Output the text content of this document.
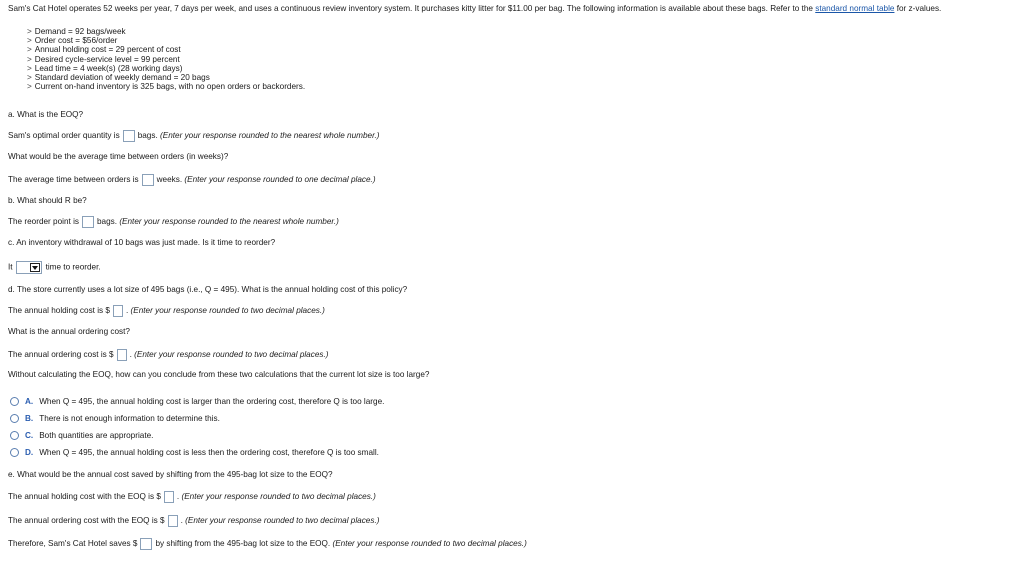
Sam's Cat Hotel operates 52 weeks per year, 7 days per week, and uses a continuous review inventory system. It purchases kitty litter for $11.00 per bag. The following information is available about these bags. Refer to the standard normal table for z-values.
> Demand = 92 bags/week
> Order cost = $56/order
> Annual holding cost = 29 percent of cost
> Desired cycle-service level = 99 percent
> Lead time = 4 week(s) (28 working days)
> Standard deviation of weekly demand = 20 bags
> Current on-hand inventory is 325 bags, with no open orders or backorders.
a. What is the EOQ?
Sam's optimal order quantity is bags. (Enter your response rounded to the nearest whole number.)
What would be the average time between orders (in weeks)?
The average time between orders is weeks. (Enter your response rounded to one decimal place.)
b. What should R be?
The reorder point is bags. (Enter your response rounded to the nearest whole number.)
c. An inventory withdrawal of 10 bags was just made. Is it time to reorder?
It	time to reorder.
d. The store currently uses a lot size of 495 bags (i.e., Q = 495). What is the annual holding cost of this policy?
The annual holding cost is $ . (Enter your response rounded to two decimal places.)
What is the annual ordering cost?
The annual ordering cost is $ . (Enter your response rounded to two decimal places.)
Without calculating the EOQ, how can you conclude from these two calculations that the current lot size is too large?
A. When Q = 495, the annual holding cost is larger than the ordering cost, therefore Q is too large.
B. There is not enough information to determine this.
C. Both quantities are appropriate.
D. When Q = 495, the annual holding cost is less then the ordering cost, therefore Q is too small.
e. What would be the annual cost saved by shifting from the 495-bag lot size to the EOQ?
The annual holding cost with the EOQ is $ . (Enter your response rounded to two decimal places.)
The annual ordering cost with the EOQ is $ . (Enter your response rounded to two decimal places.)
Therefore, Sam's Cat Hotel saves $ by shifting from the 495-bag lot size to the EOQ. (Enter your response rounded to two decimal places.)
